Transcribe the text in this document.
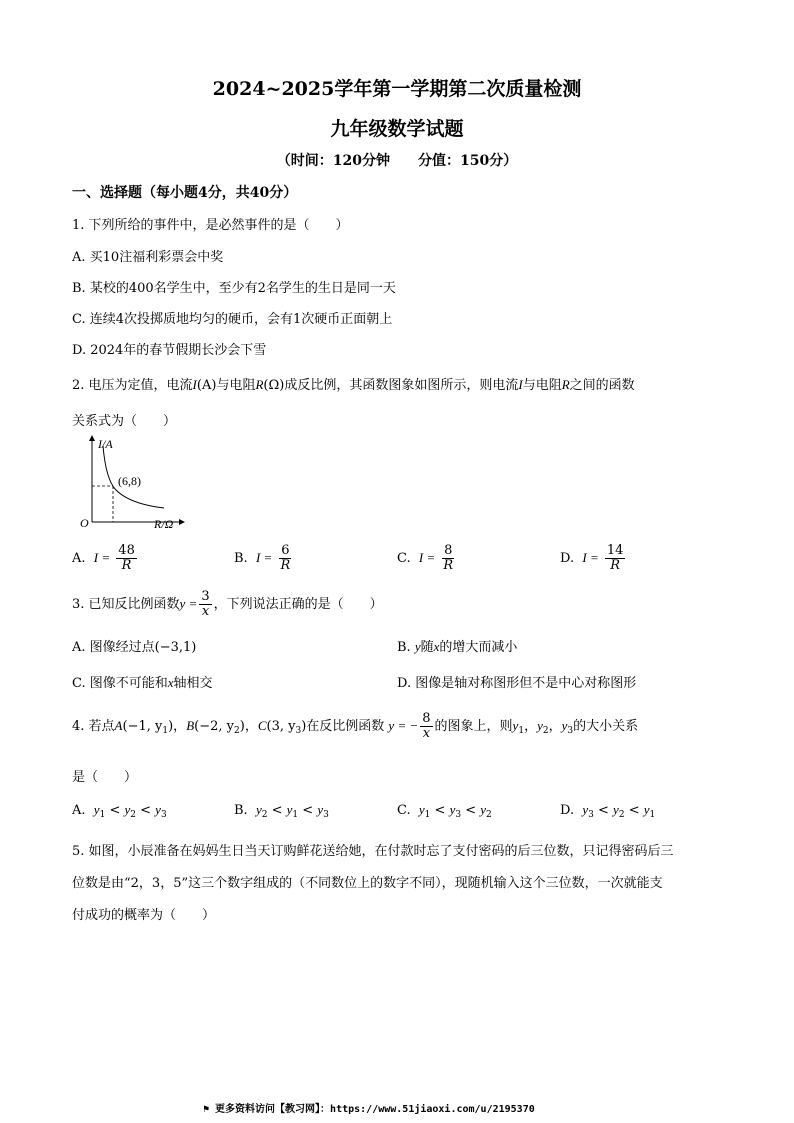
2024~2025学年第一学期第二次质量检测
九年级数学试题
（时间：120分钟　　分值：150分）
一、选择题（每小题4分，共40分）
1. 下列所给的事件中，是必然事件的是（　　）
A. 买10注福利彩票会中奖
B. 某校的400名学生中，至少有2名学生的生日是同一天
C. 连续4次投掷质地均匀的硬币，会有1次硬币正面朝上
D. 2024年的春节假期长沙会下雪
2. 电压为定值，电流I(A)与电阻R(Ω)成反比例，其函数图象如图所示，则电流I与电阻R之间的函数
关系式为（　　）
I/A
R/Ω
O
(6,8)
A. $I = \frac{48}{R}$	B. $I = \frac{6}{R}$	C. $I = \frac{8}{R}$	D. $I = \frac{14}{R}$
3. 已知反比例函数$y = \frac{3}{x}$ ，下列说法正确的是（　　）
A. 图像经过点(−3,1)	B. y随x的增大而减小
C. 图像不可能和x轴相交	D. 图像是轴对称图形但不是中心对称图形
4. 若点A(−1, $y_1$)，B(−2, $y_2$)，C(3, $y_3$)在反比例函数 y = − $\frac{8}{x}$ 的图象上，则$y_1$，$y_2$，$y_3$的大小关系
是（　　）
A. $y_1 < y_2 < y_3$	B. $y_2 < y_1 < y_3$	C. $y_1 < y_3 < y_2$	D. $y_3 < y_2 < y_1$
5. 如图，小辰准备在妈妈生日当天订购鲜花送给她，在付款时忘了支付密码的后三位数，只记得密码后三
位数是由“2，3，5”这三个数字组成的（不同数位上的数字不同），现随机输入这个三位数，一次就能支
付成功的概率为（　　）
⚑ 更多资料访问【教习网】：https://www.51jiaoxi.com/u/2195370
